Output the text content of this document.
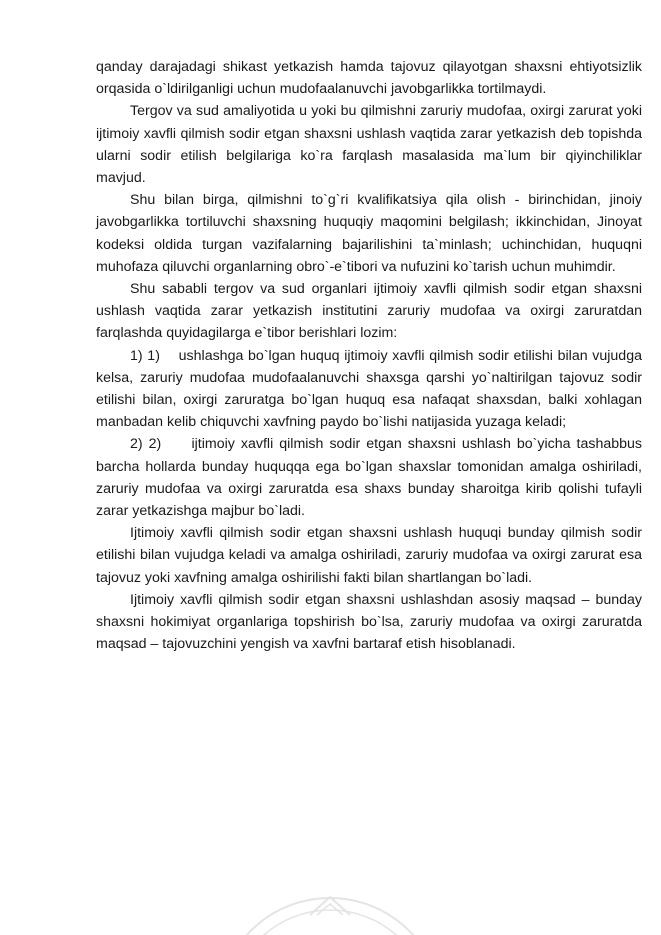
qanday darajadagi shikast yetkazish hamda tajovuz qilayotgan shaxsni ehtiyotsizlik orqasida o`ldirilganligi uchun mudofaalanuvchi javobgarlikka tortilmaydi.

Tergov va sud amaliyotida u yoki bu qilmishni zaruriy mudofaa, oxirgi zarurat yoki ijtimoiy xavfli qilmish sodir etgan shaxsni ushlash vaqtida zarar yetkazish deb topishda ularni sodir etilish belgilariga ko`ra farqlash masalasida ma`lum bir qiyinchiliklar mavjud.

Shu bilan birga, qilmishni to`g`ri kvalifikatsiya qila olish - birinchidan, jinoiy javobgarlikka tortiluvchi shaxsning huquqiy maqomini belgilash; ikkinchidan, Jinoyat kodeksi oldida turgan vazifalarning bajarilishini ta`minlash; uchinchidan, huquqni muhofaza qiluvchi organlarning obro`-e`tibori va nufuzini ko`tarish uchun muhimdir.

Shu sababli tergov va sud organlari ijtimoiy xavfli qilmish sodir etgan shaxsni ushlash vaqtida zarar yetkazish institutini zaruriy mudofaa va oxirgi zaruratdan farqlashda quyidagilarga e`tibor berishlari lozim:

1) 1) ushlashga bo`lgan huquq ijtimoiy xavfli qilmish sodir etilishi bilan vujudga kelsa, zaruriy mudofaa mudofaalanuvchi shaxsga qarshi yo`naltirilgan tajovuz sodir etilishi bilan, oxirgi zaruratga bo`lgan huquq esa nafaqat shaxsdan, balki xohlagan manbadan kelib chiquvchi xavfning paydo bo`lishi natijasida yuzaga keladi;

2) 2) ijtimoiy xavfli qilmish sodir etgan shaxsni ushlash bo`yicha tashabbus barcha hollarda bunday huquqqa ega bo`lgan shaxslar tomonidan amalga oshiriladi, zaruriy mudofaa va oxirgi zaruratda esa shaxs bunday sharoitga kirib qolishi tufayli zarar yetkazishga majbur bo`ladi.

Ijtimoiy xavfli qilmish sodir etgan shaxsni ushlash huquqi bunday qilmish sodir etilishi bilan vujudga keladi va amalga oshiriladi, zaruriy mudofaa va oxirgi zarurat esa tajovuz yoki xavfning amalga oshirilishi fakti bilan shartlangan bo`ladi.

Ijtimoiy xavfli qilmish sodir etgan shaxsni ushlashdan asosiy maqsad – bunday shaxsni hokimiyat organlariga topshirish bo`lsa, zaruriy mudofaa va oxirgi zaruratda maqsad – tajovuzchini yengish va xavfni bartaraf etish hisoblanadi.
